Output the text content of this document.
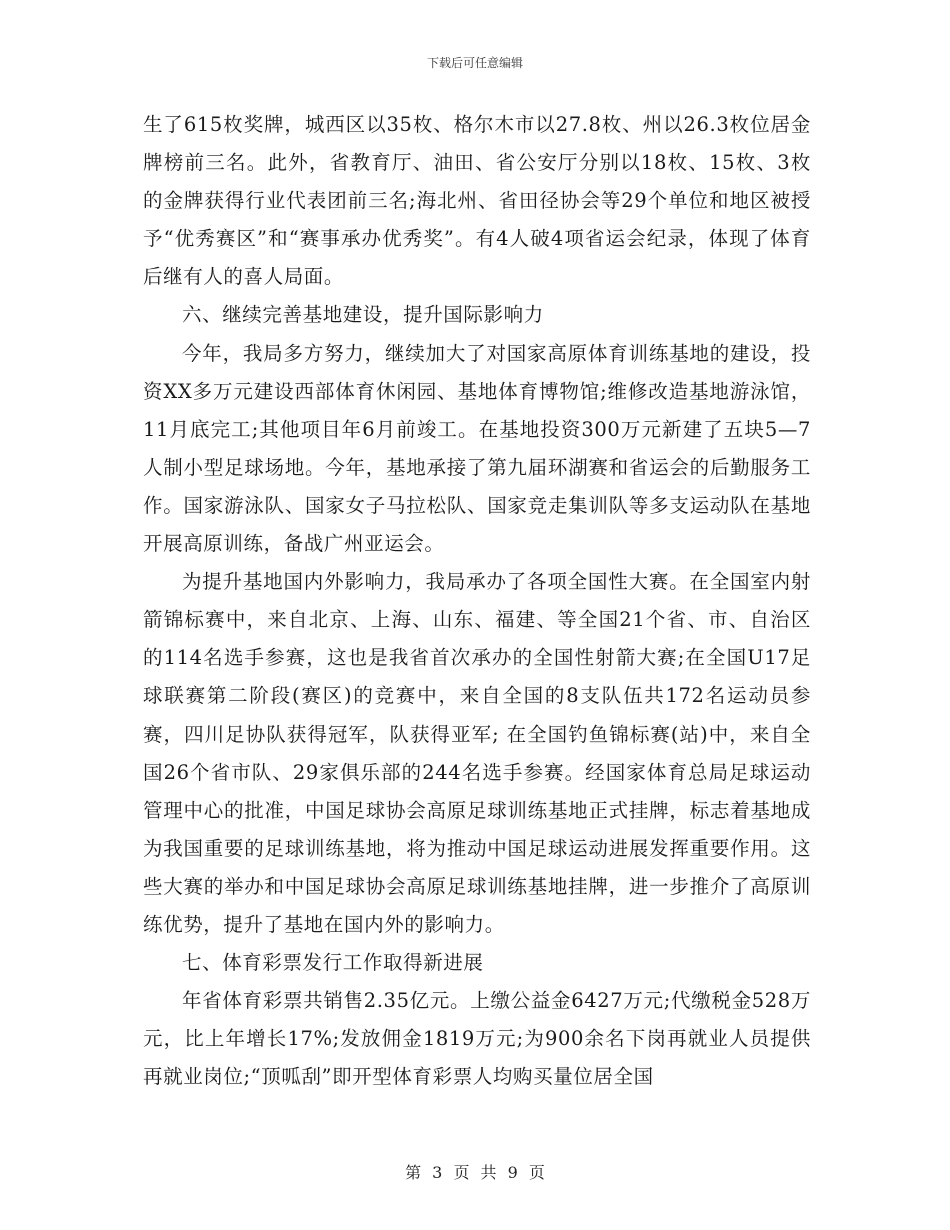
下载后可任意编辑

生了615枚奖牌，城西区以35枚、格尔木市以27.8枚、州以26.3枚位居金牌榜前三名。此外，省教育厅、油田、省公安厅分别以18枚、15枚、3枚的金牌获得行业代表团前三名;海北州、省田径协会等29个单位和地区被授予“优秀赛区”和“赛事承办优秀奖”。有4人破4项省运会纪录，体现了体育后继有人的喜人局面。

六、继续完善基地建设，提升国际影响力

今年，我局多方努力，继续加大了对国家高原体育训练基地的建设，投资XX多万元建设西部体育休闲园、基地体育博物馆;维修改造基地游泳馆，11月底完工;其他项目年6月前竣工。在基地投资300万元新建了五块5—7人制小型足球场地。今年，基地承接了第九届环湖赛和省运会的后勤服务工作。国家游泳队、国家女子马拉松队、国家竞走集训队等多支运动队在基地开展高原训练，备战广州亚运会。

为提升基地国内外影响力，我局承办了各项全国性大赛。在全国室内射箭锦标赛中，来自北京、上海、山东、福建、等全国21个省、市、自治区的114名选手参赛，这也是我省首次承办的全国性射箭大赛;在全国U17足球联赛第二阶段(赛区)的竞赛中，来自全国的8支队伍共172名运动员参赛，四川足协队获得冠军，队获得亚军; 在全国钓鱼锦标赛(站)中，来自全国26个省市队、29家俱乐部的244名选手参赛。经国家体育总局足球运动管理中心的批准，中国足球协会高原足球训练基地正式挂牌，标志着基地成为我国重要的足球训练基地，将为推动中国足球运动进展发挥重要作用。这些大赛的举办和中国足球协会高原足球训练基地挂牌，进一步推介了高原训练优势，提升了基地在国内外的影响力。

七、体育彩票发行工作取得新进展

年省体育彩票共销售2.35亿元。上缴公益金6427万元;代缴税金528万元，比上年增长17%;发放佣金1819万元;为900余名下岗再就业人员提供再就业岗位;“顶呱刮”即开型体育彩票人均购买量位居全国

第 3 页 共 9 页
